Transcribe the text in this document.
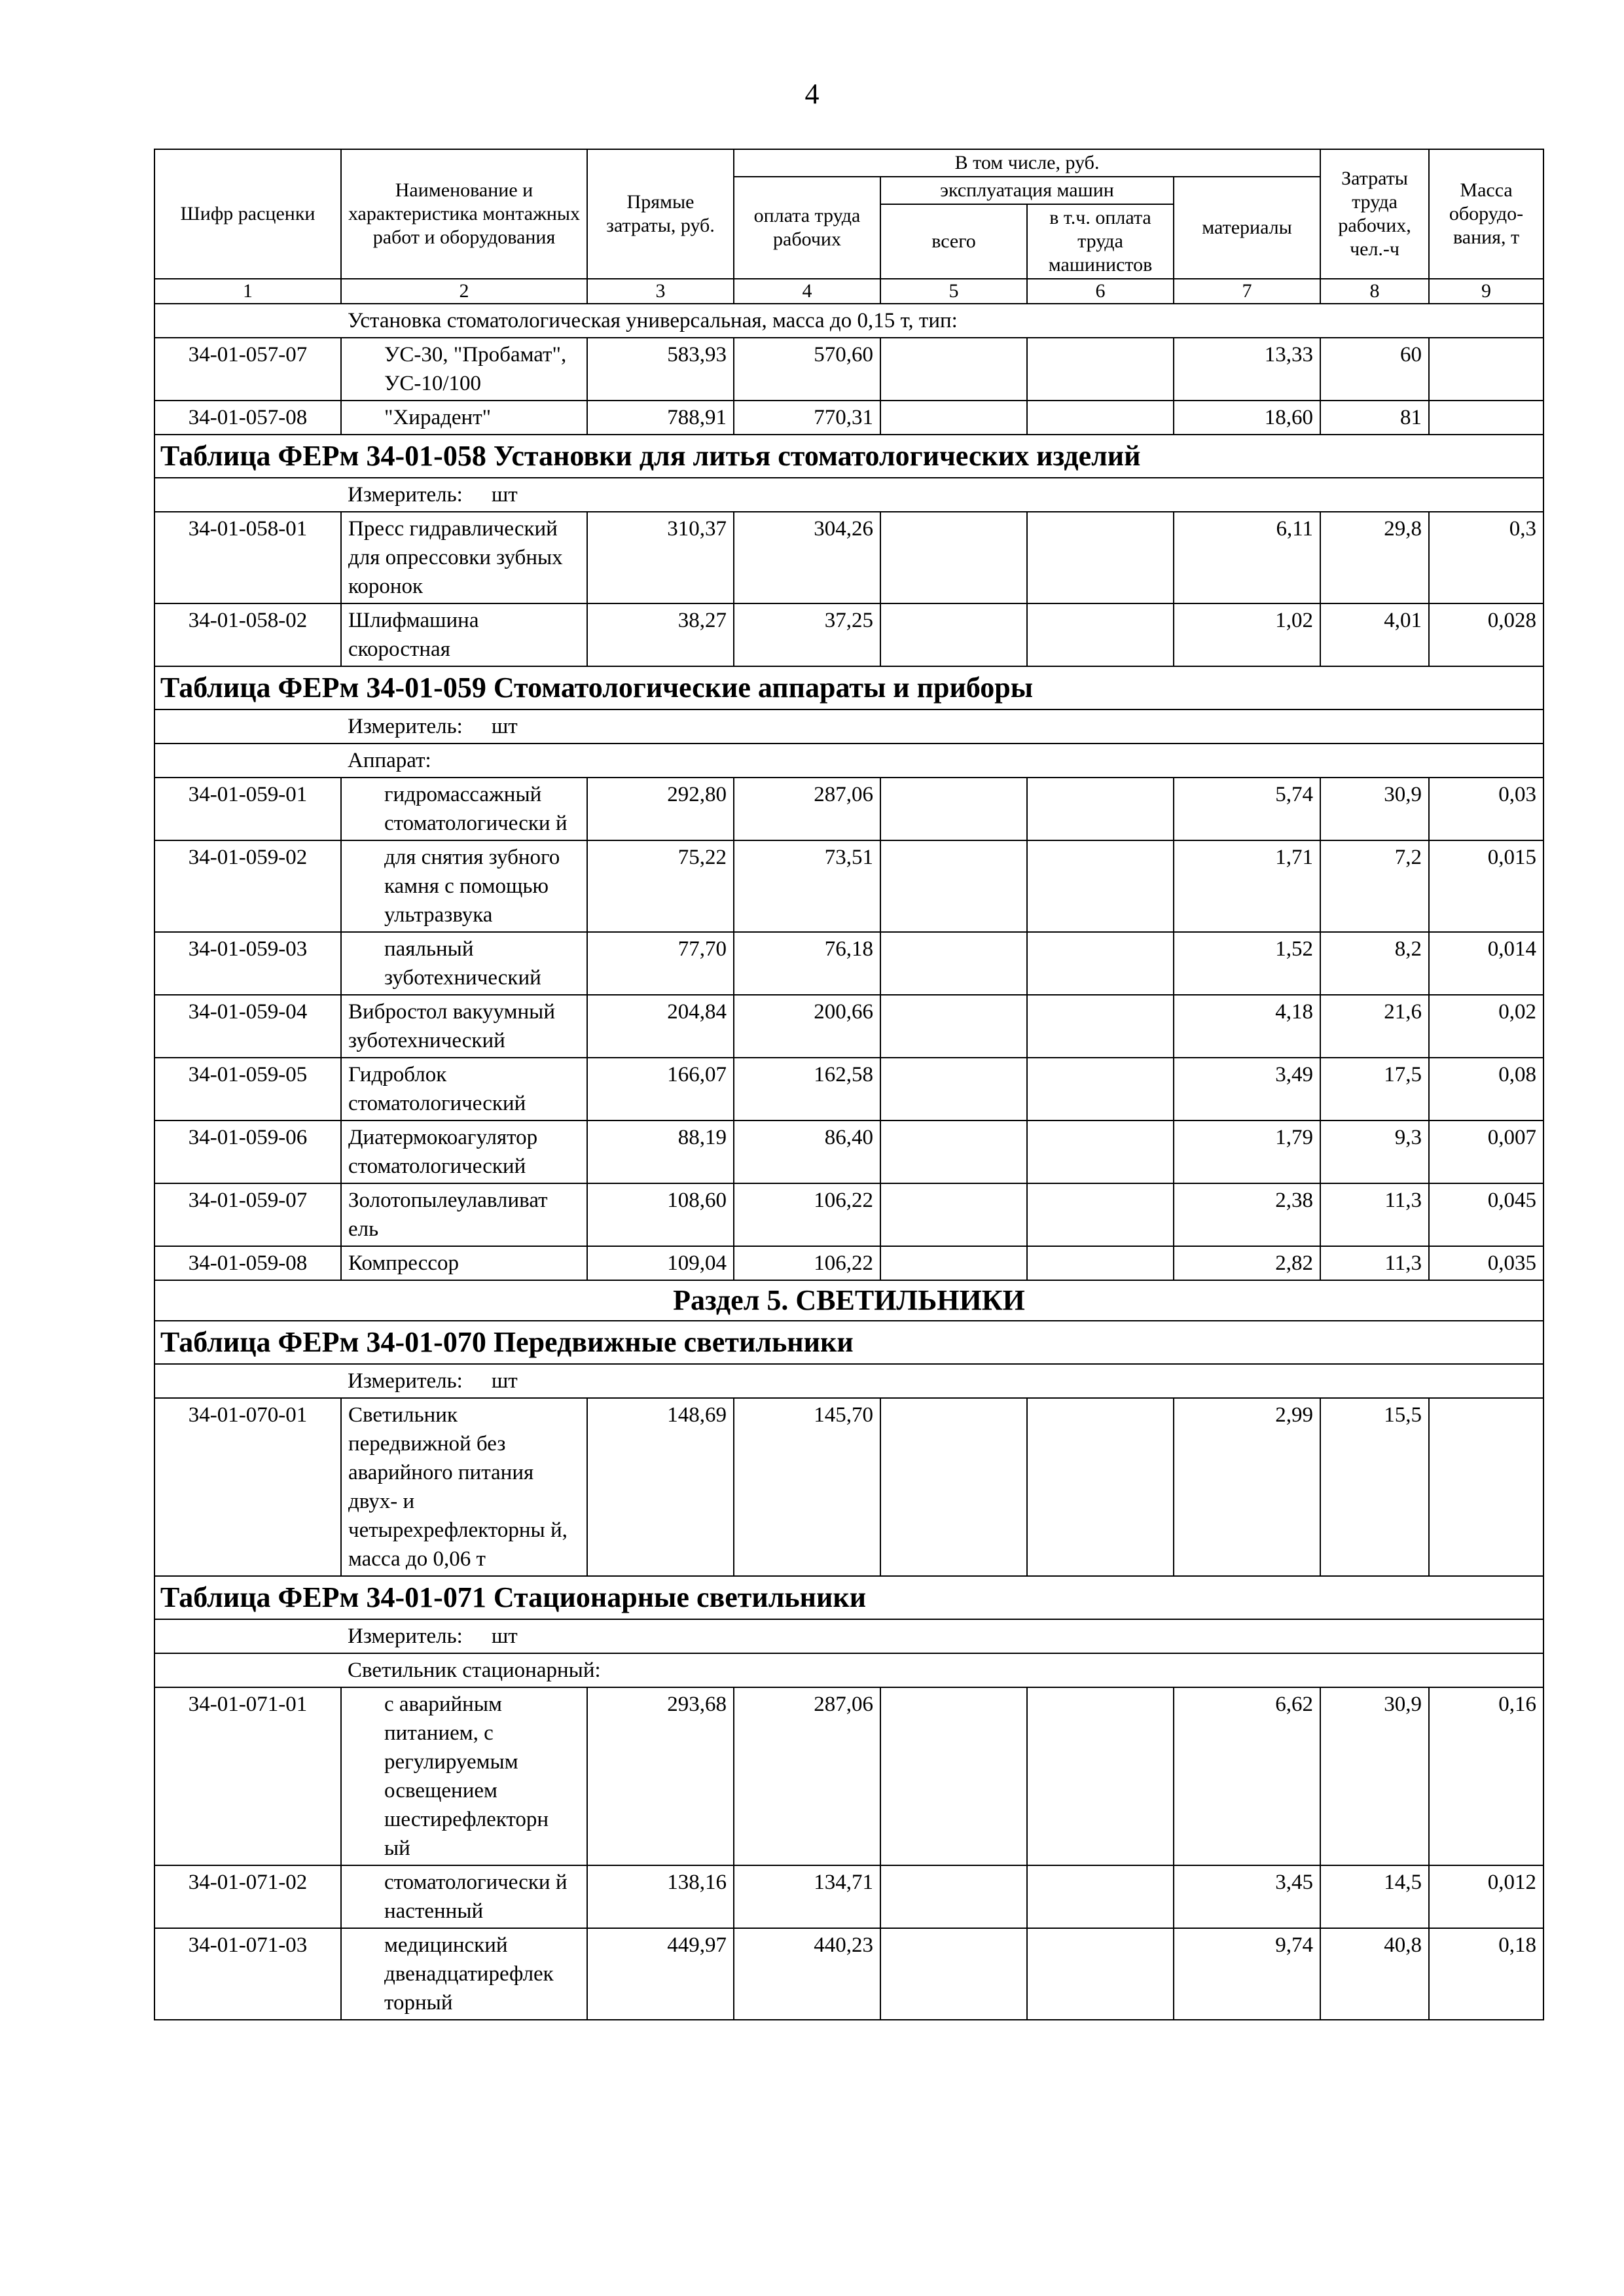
4
Шифр расценки	Наименование и характеристика монтажных работ и оборудования	Прямые затраты, руб.	В том числе, руб.				Затраты труда рабочих, чел.-ч	Масса оборудо-вания, т
			оплата труда рабочих	эксплуатация машин		материалы		
				всего	в т.ч. оплата труда машинистов			
1	2	3	4	5	6	7	8	9
Установка стоматологическая универсальная, масса до 0,15 т, тип:								
34-01-057-07	УС-30, "Пробамат", УС-10/100	583,93	570,60			13,33	60	
34-01-057-08	"Хирадент"	788,91	770,31			18,60	81	
Таблица ФЕРм 34-01-058 Установки для литья стоматологических изделий								
Измеритель: шт								
34-01-058-01	Пресс гидравлический для опрессовки зубных коронок	310,37	304,26			6,11	29,8	0,3
34-01-058-02	Шлифмашина скоростная	38,27	37,25			1,02	4,01	0,028
Таблица ФЕРм 34-01-059 Стоматологические аппараты и приборы								
Измеритель: шт								
Аппарат:								
34-01-059-01	гидромассажный стоматологически й	292,80	287,06			5,74	30,9	0,03
34-01-059-02	для снятия зубного камня с помощью ультразвука	75,22	73,51			1,71	7,2	0,015
34-01-059-03	паяльный зуботехнический	77,70	76,18			1,52	8,2	0,014
34-01-059-04	Вибростол вакуумный зуботехнический	204,84	200,66			4,18	21,6	0,02
34-01-059-05	Гидроблок стоматологический	166,07	162,58			3,49	17,5	0,08
34-01-059-06	Диатермокоагулятор стоматологический	88,19	86,40			1,79	9,3	0,007
34-01-059-07	Золотопылеулавливат ель	108,60	106,22			2,38	11,3	0,045
34-01-059-08	Компрессор	109,04	106,22			2,82	11,3	0,035
Раздел 5. СВЕТИЛЬНИКИ								
Таблица ФЕРм 34-01-070 Передвижные светильники								
Измеритель: шт								
34-01-070-01	Светильник передвижной без аварийного питания двух- и четырехрефлекторны й, масса до 0,06 т	148,69	145,70			2,99	15,5	
Таблица ФЕРм 34-01-071 Стационарные светильники								
Измеритель: шт								
Светильник стационарный:								
34-01-071-01	с аварийным питанием, с регулируемым освещением шестирефлекторн ый	293,68	287,06			6,62	30,9	0,16
34-01-071-02	стоматологически й настенный	138,16	134,71			3,45	14,5	0,012
34-01-071-03	медицинский двенадцатирефлек торный	449,97	440,23			9,74	40,8	0,18
